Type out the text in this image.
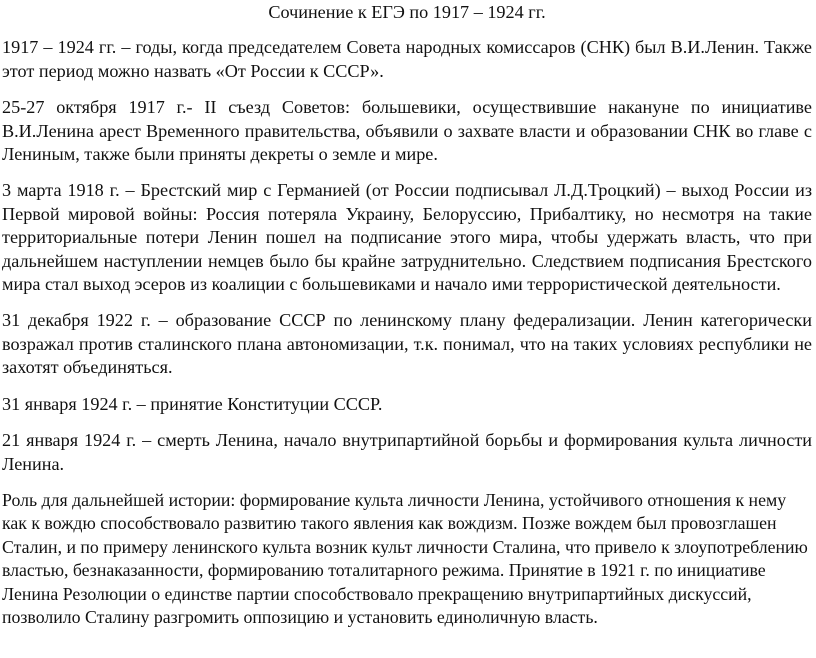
Сочинение к ЕГЭ по 1917 – 1924 гг.

1917 – 1924 гг. – годы, когда председателем Совета народных комиссаров (СНК) был В.И.Ленин. Также этот период можно назвать «От России к СССР».

25-27 октября 1917 г.- II съезд Советов: большевики, осуществившие накануне по инициативе В.И.Ленина арест Временного правительства, объявили о захвате власти и образовании СНК во главе с Лениным, также были приняты декреты о земле и мире.

3 марта 1918 г. – Брестский мир с Германией (от России подписывал Л.Д.Троцкий) – выход России из Первой мировой войны: Россия потеряла Украину, Белоруссию, Прибалтику, но несмотря на такие территориальные потери Ленин пошел на подписание этого мира, чтобы удержать власть, что при дальнейшем наступлении немцев было бы крайне затруднительно. Следствием подписания Брестского мира стал выход эсеров из коалиции с большевиками и начало ими террористической деятельности.

31 декабря 1922 г. – образование СССР по ленинскому плану федерализации. Ленин категорически возражал против сталинского плана автономизации, т.к. понимал, что на таких условиях республики не захотят объединяться.

31 января 1924 г. – принятие Конституции СССР.

21 января 1924 г. – смерть Ленина, начало внутрипартийной борьбы и формирования культа личности Ленина.

Роль для дальнейшей истории: формирование культа личности Ленина, устойчивого отношения к нему как к вождю способствовало развитию такого явления как вождизм. Позже вождем был провозглашен Сталин, и по примеру ленинского культа возник культ личности Сталина, что привело к злоупотреблению властью, безнаказанности, формированию тоталитарного режима. Принятие в 1921 г. по инициативе Ленина Резолюции о единстве партии способствовало прекращению внутрипартийных дискуссий, позволило Сталину разгромить оппозицию и установить единоличную власть.
